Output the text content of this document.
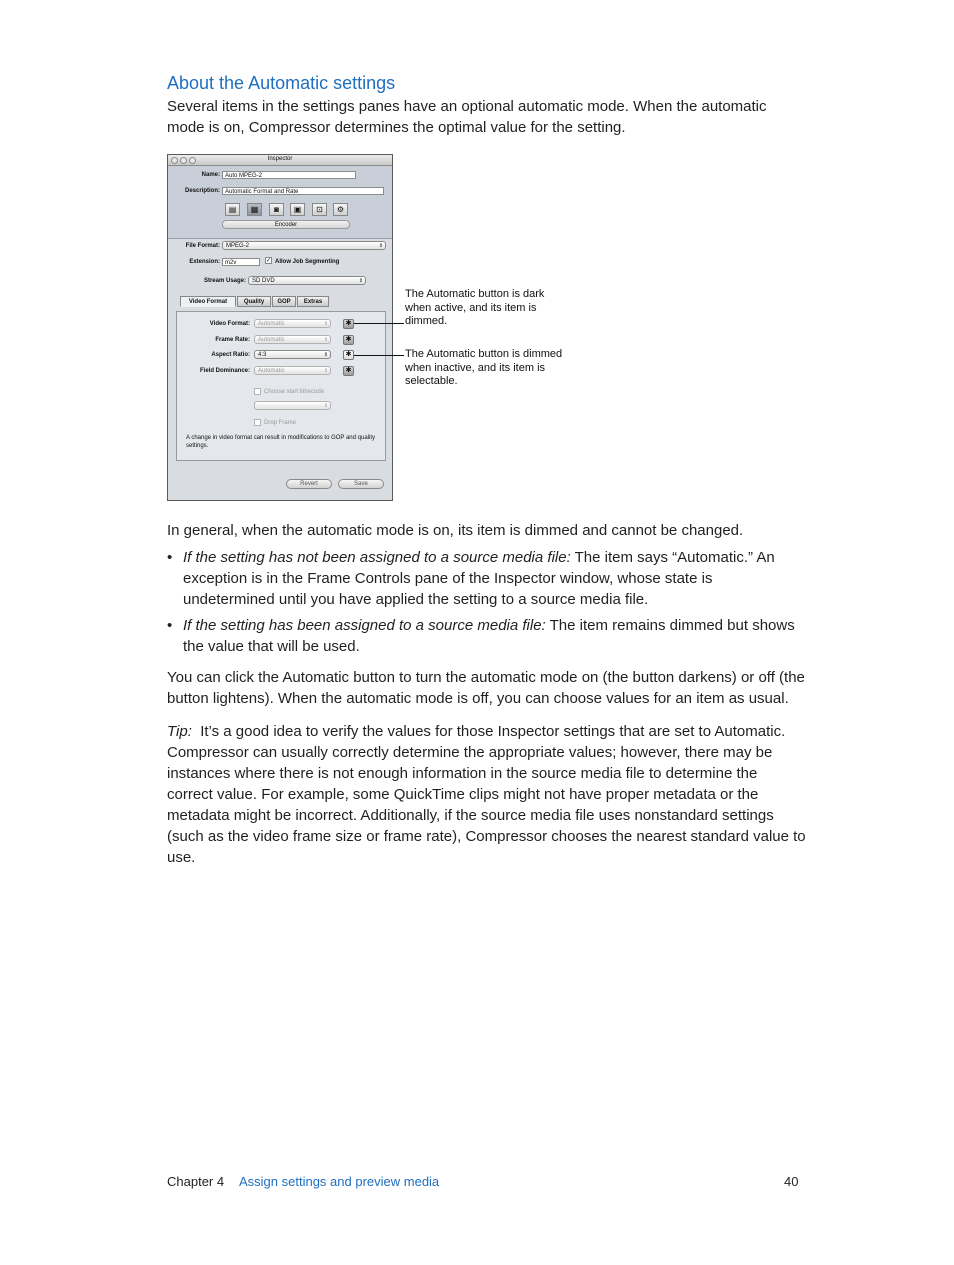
About the Automatic settings

Several items in the settings panes have an optional automatic mode. When the automatic mode is on, Compressor determines the optimal value for the setting.

Inspector
Name: Auto MPEG-2
Description: Automatic Format and Rate
▤	▦	◙	▣	⊡	⚙
Encoder
File Format:	MPEG-2	⇕
Extension: m2v	✓ Allow Job Segmenting
Stream Usage:	SD DVD	⇕
Video Format	Quality	GOP	Extras
Video Format:	Automatic	⇕	✱
Frame Rate:	Automatic	⇕	✱
Aspect Ratio:	4:3	⇕	✱
Field Dominance:	Automatic	⇕	✱
Choose start timecode
⇕
Drop Frame
A change in video format can result in modifications to GOP and quality settings.
Revert	Save
The Automatic button is dark when active, and its item is dimmed.
The Automatic button is dimmed when inactive, and its item is selectable.

In general, when the automatic mode is on, its item is dimmed and cannot be changed.

• If the setting has not been assigned to a source media file: The item says “Automatic.” An exception is in the Frame Controls pane of the Inspector window, whose state is undetermined until you have applied the setting to a source media file.
• If the setting has been assigned to a source media file: The item remains dimmed but shows the value that will be used.

You can click the Automatic button to turn the automatic mode on (the button darkens) or off (the button lightens). When the automatic mode is off, you can choose values for an item as usual.

Tip:  It’s a good idea to verify the values for those Inspector settings that are set to Automatic. Compressor can usually correctly determine the appropriate values; however, there may be instances where there is not enough information in the source media file to determine the correct value. For example, some QuickTime clips might not have proper metadata or the metadata might be incorrect. Additionally, if the source media file uses nonstandard settings (such as the video frame size or frame rate), Compressor chooses the nearest standard value to use.

Chapter 4 Assign settings and preview media	40
